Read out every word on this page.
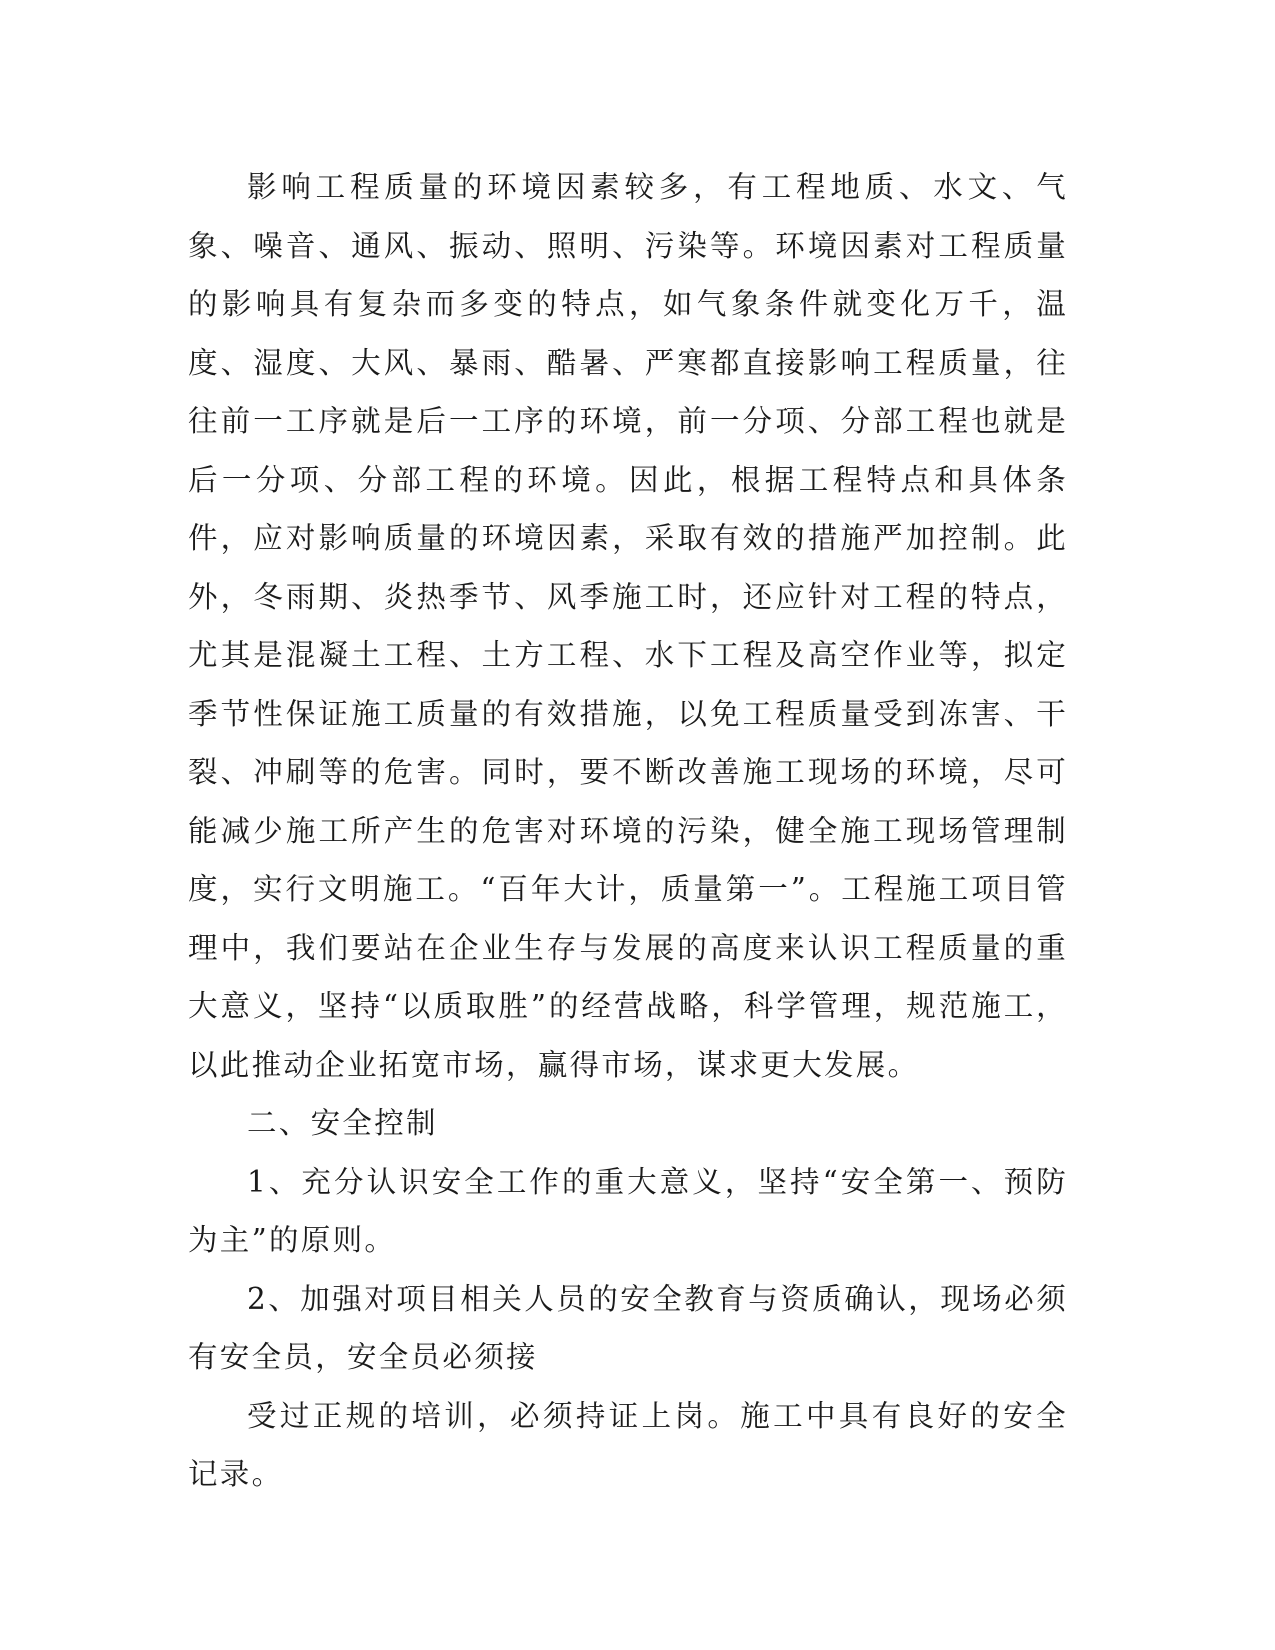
影响工程质量的环境因素较多，有工程地质、水文、气象、噪音、通风、振动、照明、污染等。环境因素对工程质量的影响具有复杂而多变的特点，如气象条件就变化万千，温度、湿度、大风、暴雨、酷暑、严寒都直接影响工程质量，往往前一工序就是后一工序的环境，前一分项、分部工程也就是后一分项、分部工程的环境。因此，根据工程特点和具体条件，应对影响质量的环境因素，采取有效的措施严加控制。此外，冬雨期、炎热季节、风季施工时，还应针对工程的特点，尤其是混凝土工程、土方工程、水下工程及高空作业等，拟定季节性保证施工质量的有效措施，以免工程质量受到冻害、干裂、冲刷等的危害。同时，要不断改善施工现场的环境，尽可能减少施工所产生的危害对环境的污染，健全施工现场管理制度，实行文明施工。“百年大计，质量第一”。工程施工项目管理中，我们要站在企业生存与发展的高度来认识工程质量的重大意义，坚持“以质取胜”的经营战略，科学管理，规范施工，以此推动企业拓宽市场，赢得市场，谋求更大发展。

二、安全控制

1、充分认识安全工作的重大意义，坚持“安全第一、预防为主”的原则。

2、加强对项目相关人员的安全教育与资质确认，现场必须有安全员，安全员必须接

受过正规的培训，必须持证上岗。施工中具有良好的安全记录。
